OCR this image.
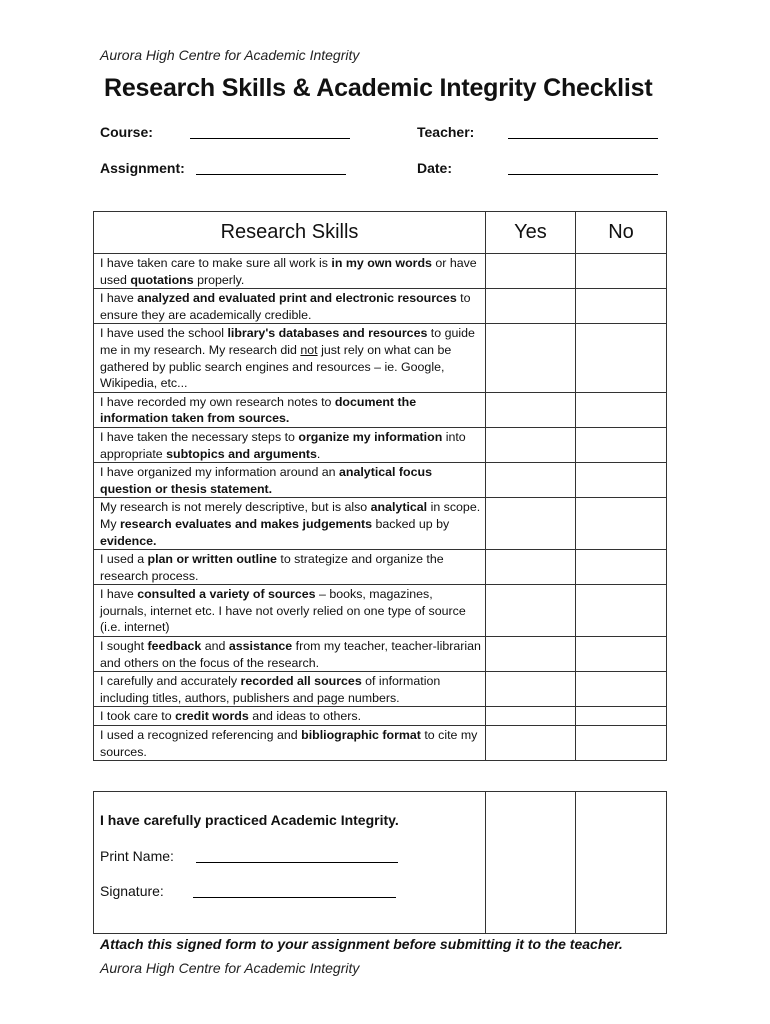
Aurora High Centre for Academic Integrity
Research Skills & Academic Integrity Checklist
Course:	Teacher:
Assignment:	Date:
Research Skills	Yes	No
I have taken care to make sure all work is in my own words or have used quotations properly.		
I have analyzed and evaluated print and electronic resources to ensure they are academically credible.		
I have used the school library's databases and resources to guide me in my research. My research did not just rely on what can be gathered by public search engines and resources – ie. Google, Wikipedia, etc...		
I have recorded my own research notes to document the information taken from sources.		
I have taken the necessary steps to organize my information into appropriate subtopics and arguments.		
I have organized my information around an analytical focus question or thesis statement.		
My research is not merely descriptive, but is also analytical in scope. My research evaluates and makes judgements backed up by evidence.		
I used a plan or written outline to strategize and organize the research process.		
I have consulted a variety of sources – books, magazines, journals, internet etc. I have not overly relied on one type of source (i.e. internet)		
I sought feedback and assistance from my teacher, teacher-librarian and others on the focus of the research.		
I carefully and accurately recorded all sources of information including titles, authors, publishers and page numbers.		
I took care to credit words and ideas to others.		
I used a recognized referencing and bibliographic format to cite my sources.		
I have carefully practiced Academic Integrity.
Print Name:
Signature:

Attach this signed form to your assignment before submitting it to the teacher.
Aurora High Centre for Academic Integrity
